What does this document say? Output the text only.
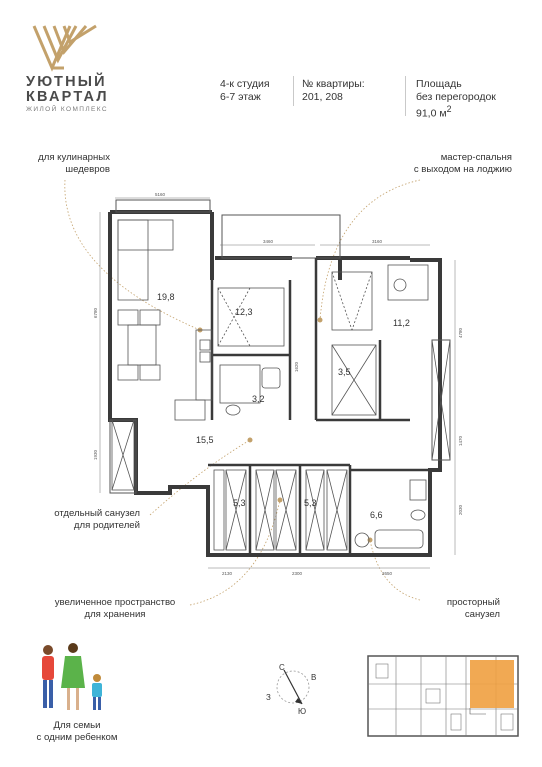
УЮТНЫЙ КВАРТАЛ
ЖИЛОЙ КОМПЛЕКС
4-к студия
6-7 этаж
№ квартиры:
201, 208
Площадь
без перегородок
91,0 $м^2$
для кулинарных
шедевров
мастер-спальня
с выходом на лоджию
отдельный санузел
для родителей
увеличенное пространство
для хранения
просторный
санузел
Для семьи
с одним ребенком
19,8
12,3
11,2
3,5
3,2
15,5
5,3	5,3
6,6
5160
3460	3160
6780
1930
4780
1470
2030
2130	2300	2650
1620
С
В
Ю
З
